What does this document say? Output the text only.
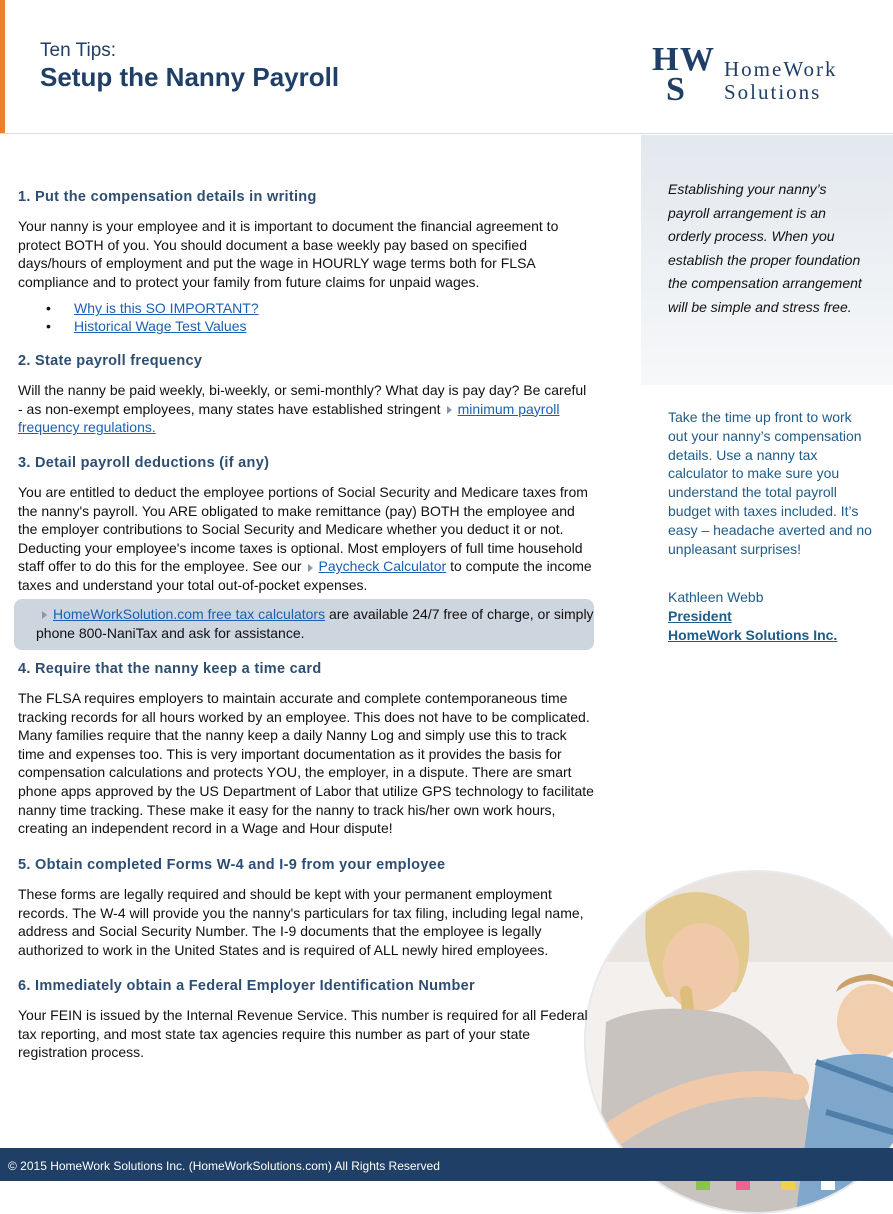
Ten Tips:
Setup the Nanny Payroll	H W
S
HomeWork
Solutions
Establishing your nanny’s payroll arrangement is an orderly process. When you establish the proper foundation the compensation arrangement will be simple and stress free.
Take the time up front to work out your nanny’s compensation details. Use a nanny tax calculator to make sure you understand the total payroll budget with taxes included. It’s easy – headache averted and no unpleasant surprises!
Kathleen Webb
President
HomeWork Solutions Inc.
1. Put the compensation details in writing

Your nanny is your employee and it is important to document the financial agreement to protect BOTH of you. You should document a base weekly pay based on specified days/hours of employment and put the wage in HOURLY wage terms both for FLSA compliance and to protect your family from future claims for unpaid wages.

• Why is this SO IMPORTANT?
• Historical Wage Test Values
2. State payroll frequency

Will the nanny be paid weekly, bi-weekly, or semi-monthly? What day is pay day? Be careful - as non-exempt employees, many states have established stringent minimum payroll frequency regulations.

3. Detail payroll deductions (if any)

You are entitled to deduct the employee portions of Social Security and Medicare taxes from the nanny's payroll. You ARE obligated to make remittance (pay) BOTH the employee and the employer contributions to Social Security and Medicare whether you deduct it or not. Deducting your employee's income taxes is optional. Most employers of full time household staff offer to do this for the employee. See our Paycheck Calculator to compute the income taxes and understand your total out-of-pocket expenses.

HomeWorkSolution.com free tax calculators are available 24/7 free of charge, or simply phone 800-NaniTax and ask for assistance.

4. Require that the nanny keep a time card

The FLSA requires employers to maintain accurate and complete contemporaneous time tracking records for all hours worked by an employee. This does not have to be complicated. Many families require that the nanny keep a daily Nanny Log and simply use this to track time and expenses too. This is very important documentation as it provides the basis for compensation calculations and protects YOU, the employer, in a dispute. There are smart phone apps approved by the US Department of Labor that utilize GPS technology to facilitate nanny time tracking. These make it easy for the nanny to track his/her own work hours, creating an independent record in a Wage and Hour dispute!

5. Obtain completed Forms W-4 and I-9 from your employee

These forms are legally required and should be kept with your permanent employment records. The W-4 will provide you the nanny's particulars for tax filing, including legal name, address and Social Security Number. The I-9 documents that the employee is legally authorized to work in the United States and is required of ALL newly hired employees.

6. Immediately obtain a Federal Employer Identification Number

Your FEIN is issued by the Internal Revenue Service. This number is required for all Federal tax reporting, and most state tax agencies require this number as part of your state registration process.

© 2015 HomeWork Solutions Inc. (HomeWorkSolutions.com) All Rights Reserved
